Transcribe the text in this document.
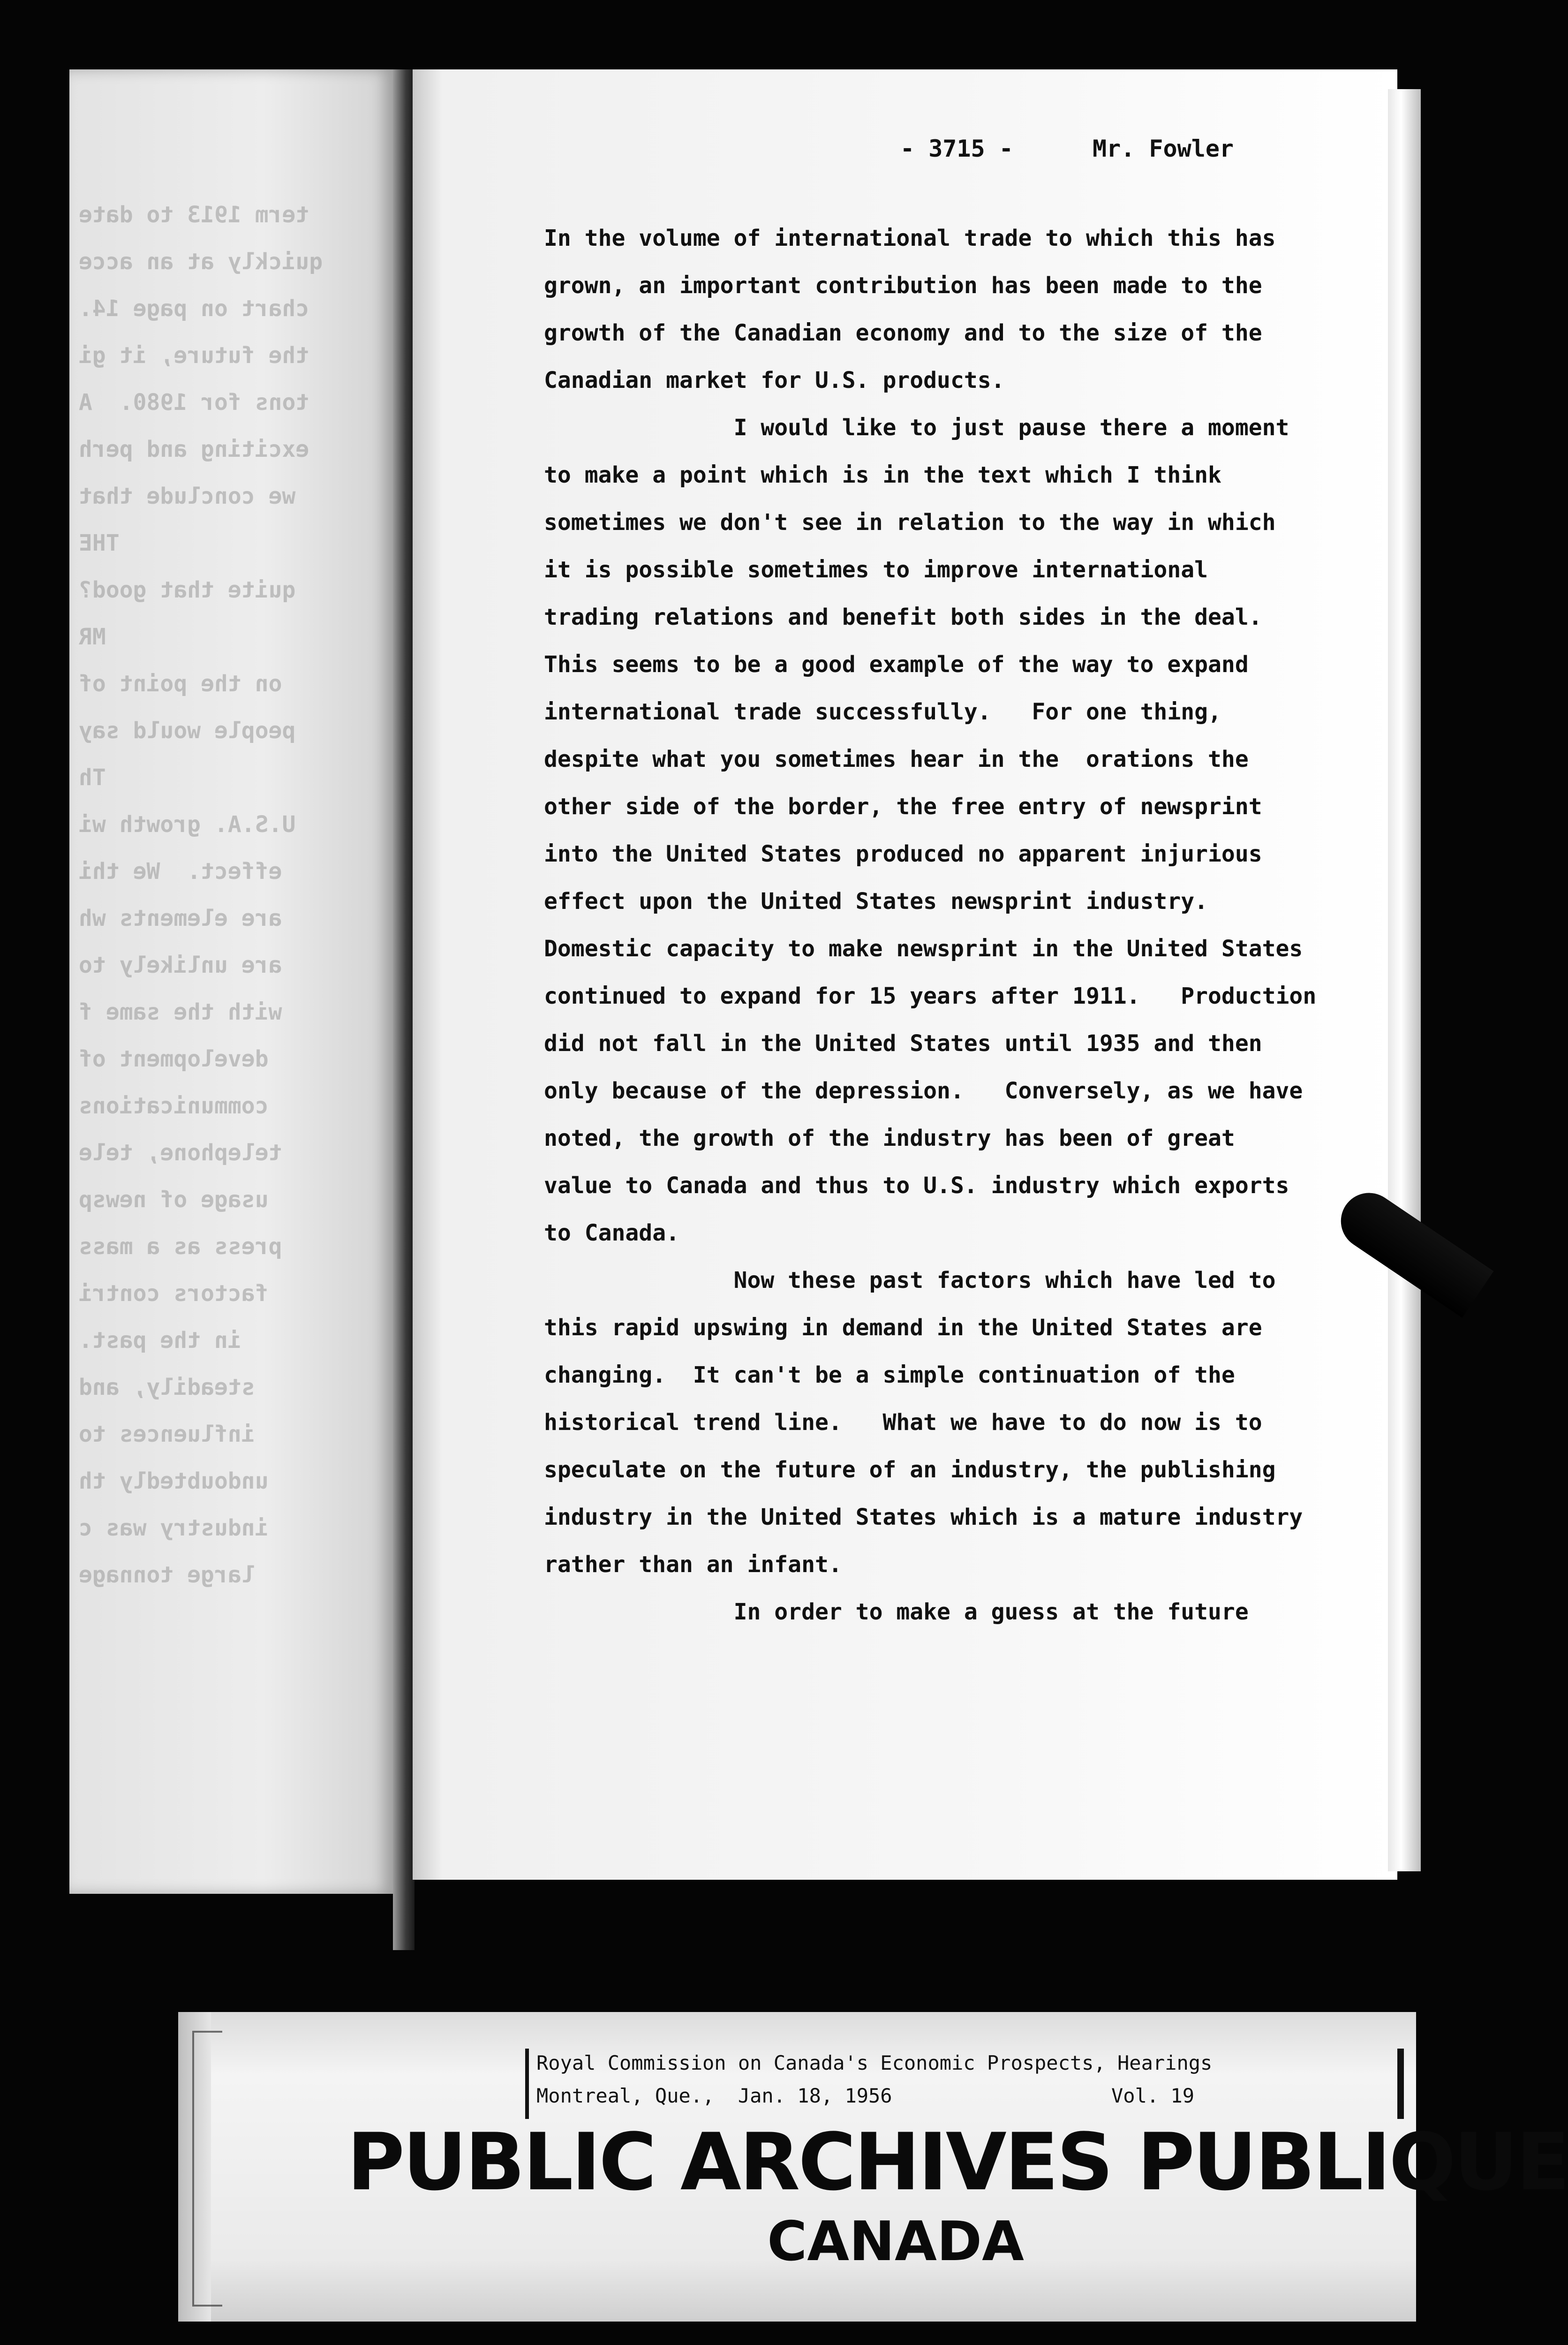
term 1913 to date
quickly at an acce
chart on page 14.
the future, it gi
tons for 1980.  A
exciting and perh
we conclude that
THE
quite that good?
MR
on the point of
people would say
Th
U.S.A. growth wi
effect.  We thi
are elements wh
are unlikely to
with the same f
development of
communications
telephone, tele
usage of newsp
press as a mass
factors contri
in the past.
steadily, and
influences to
undoubtedly th
industry was c
large tonnage
- 3715 -	Mr. Fowler
In the volume of international trade to which this has
grown, an important contribution has been made to the
growth of the Canadian economy and to the size of the
Canadian market for U.S. products.
I would like to just pause there a moment
to make a point which is in the text which I think
sometimes we don't see in relation to the way in which
it is possible sometimes to improve international
trading relations and benefit both sides in the deal.
This seems to be a good example of the way to expand
international trade successfully.   For one thing,
despite what you sometimes hear in the  orations the
other side of the border, the free entry of newsprint
into the United States produced no apparent injurious
effect upon the United States newsprint industry.
Domestic capacity to make newsprint in the United States
continued to expand for 15 years after 1911.   Production
did not fall in the United States until 1935 and then
only because of the depression.   Conversely, as we have
noted, the growth of the industry has been of great
value to Canada and thus to U.S. industry which exports
to Canada.
Now these past factors which have led to
this rapid upswing in demand in the United States are
changing.  It can't be a simple continuation of the
historical trend line.   What we have to do now is to
speculate on the future of an industry, the publishing
industry in the United States which is a mature industry
rather than an infant.
In order to make a guess at the future
Royal Commission on Canada's Economic Prospects, Hearings
Montreal, Que.,  Jan. 18, 1956	Vol. 19
PUBLIC ARCHIVES PUBLIQUE
CANADA
